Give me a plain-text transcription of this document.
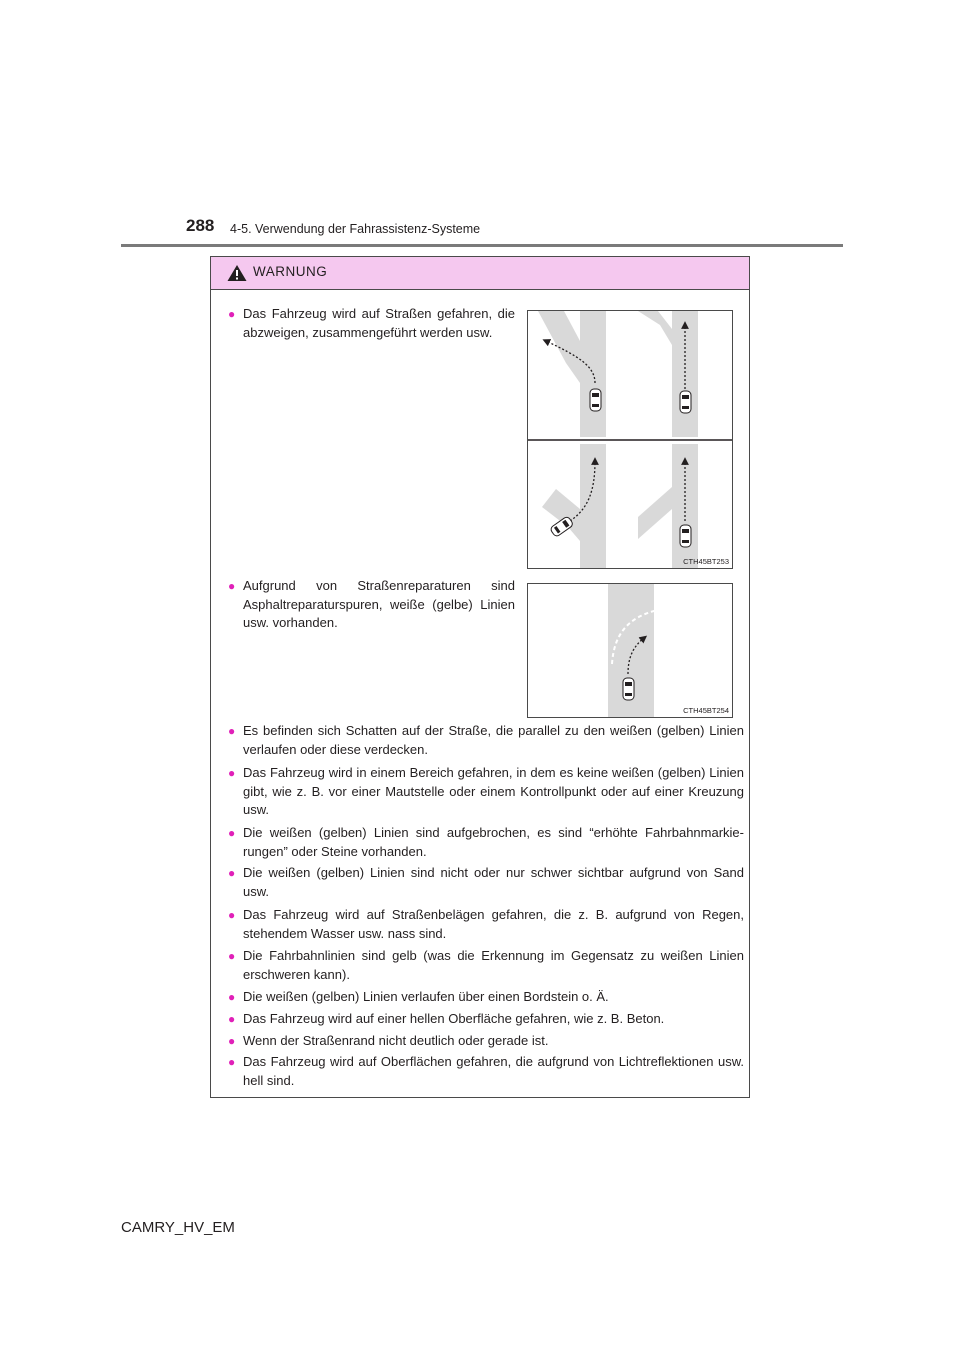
288 4-5. Verwendung der Fahrassistenz-Systeme
WARNUNG
● Das Fahrzeug wird auf Straßen gefahren, die abzweigen, zusammengeführt werden usw.
CTH45BT253
● Aufgrund von Straßenreparaturen sind Asphaltreparaturspuren, weiße (gelbe) Linien usw. vorhanden.
CTH45BT254
● Es befinden sich Schatten auf der Straße, die parallel zu den weißen (gelben) Linien verlaufen oder diese verdecken.
● Das Fahrzeug wird in einem Bereich gefahren, in dem es keine weißen (gelben) Linien gibt, wie z. B. vor einer Mautstelle oder einem Kontrollpunkt oder auf einer Kreuzung usw.
● Die weißen (gelben) Linien sind aufgebrochen, es sind “erhöhte Fahrbahnmarkie-rungen” oder Steine vorhanden.
● Die weißen (gelben) Linien sind nicht oder nur schwer sichtbar aufgrund von Sand usw.
● Das Fahrzeug wird auf Straßenbelägen gefahren, die z. B. aufgrund von Regen, stehendem Wasser usw. nass sind.
● Die Fahrbahnlinien sind gelb (was die Erkennung im Gegensatz zu weißen Linien erschweren kann).
● Die weißen (gelben) Linien verlaufen über einen Bordstein o. Ä.
● Das Fahrzeug wird auf einer hellen Oberfläche gefahren, wie z. B. Beton.
● Wenn der Straßenrand nicht deutlich oder gerade ist.
● Das Fahrzeug wird auf Oberflächen gefahren, die aufgrund von Lichtreflektionen usw. hell sind.
CAMRY_HV_EM
